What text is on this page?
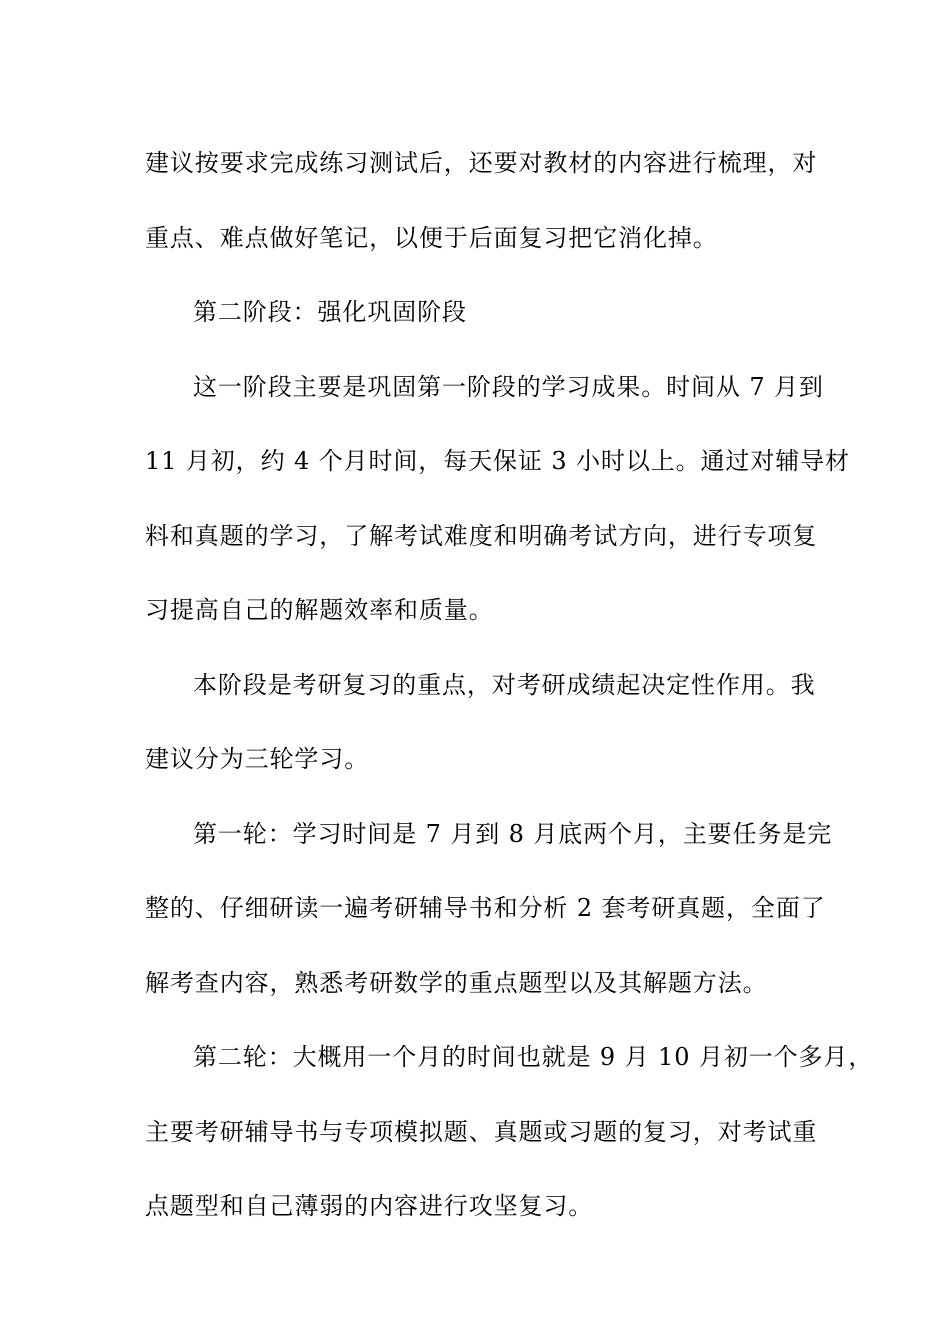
建议按要求完成练习测试后，还要对教材的内容进行梳理，对
重点、难点做好笔记，以便于后面复习把它消化掉。
第二阶段：强化巩固阶段
这一阶段主要是巩固第一阶段的学习成果。时间从 7 月到
11 月初，约 4 个月时间，每天保证 3 小时以上。通过对辅导材
料和真题的学习，了解考试难度和明确考试方向，进行专项复
习提高自己的解题效率和质量。
本阶段是考研复习的重点，对考研成绩起决定性作用。我
建议分为三轮学习。
第一轮：学习时间是 7 月到 8 月底两个月，主要任务是完
整的、仔细研读一遍考研辅导书和分析 2 套考研真题，全面了
解考查内容，熟悉考研数学的重点题型以及其解题方法。
第二轮：大概用一个月的时间也就是 9 月 10 月初一个多月，
主要考研辅导书与专项模拟题、真题或习题的复习，对考试重
点题型和自己薄弱的内容进行攻坚复习。
